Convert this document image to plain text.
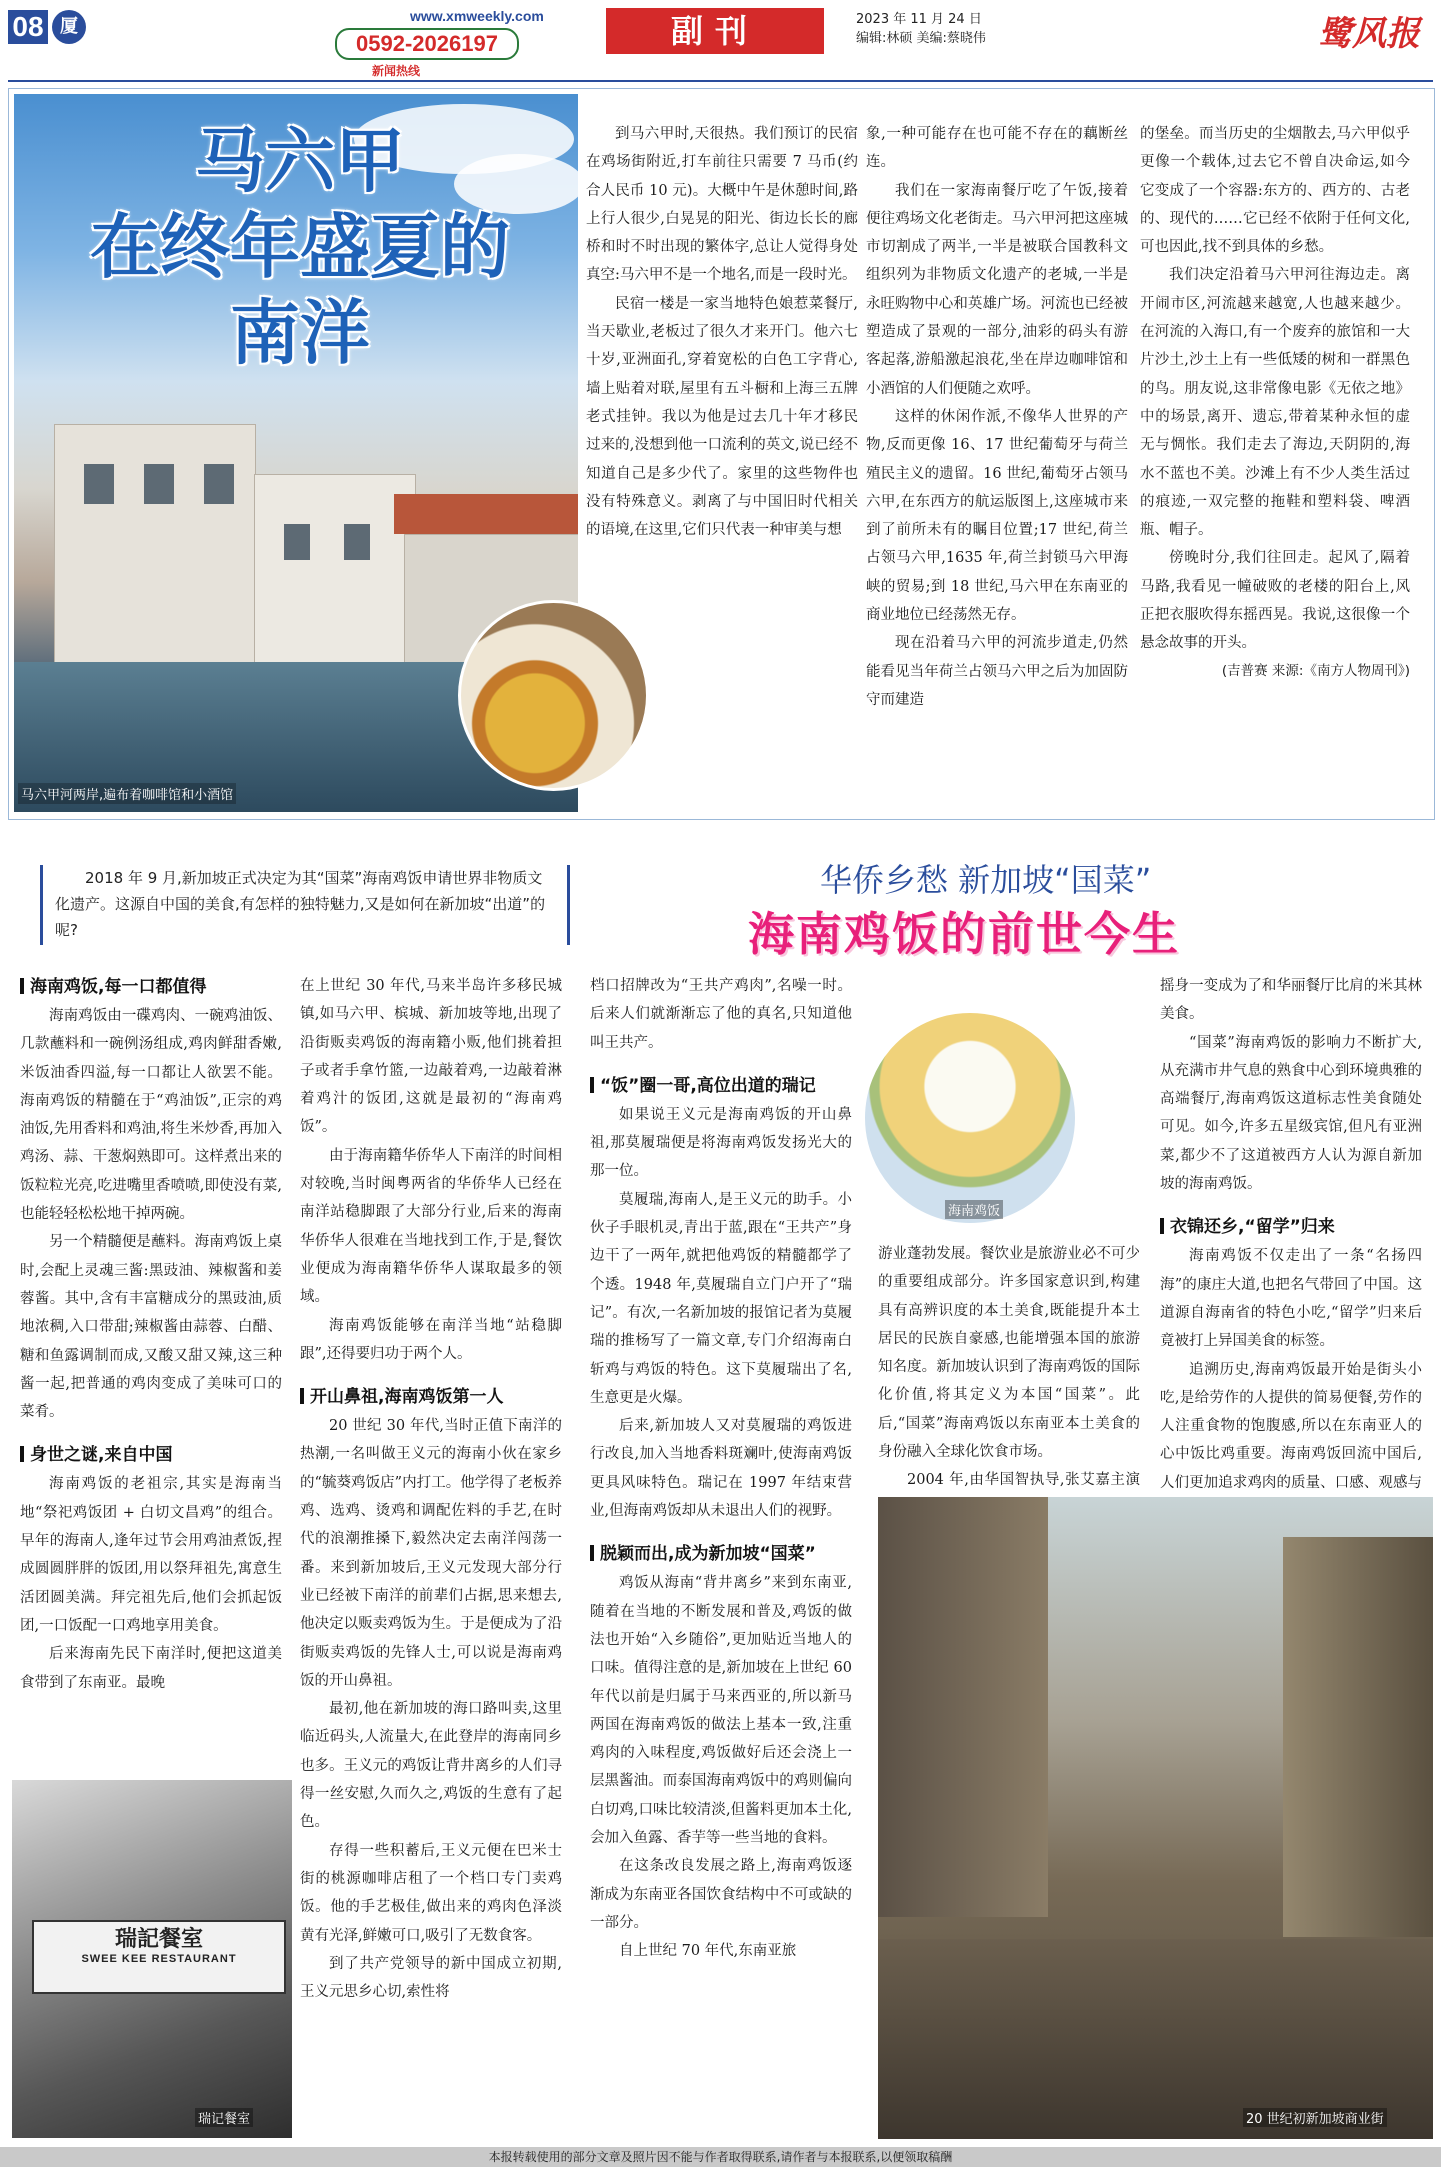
08 厦	www.xmweekly.com
0592-2026197
新闻热线
副刊	2023 年 11 月 24 日
编辑:林硕 美编:蔡晓伟	鹭风报
马六甲
在终年盛夏的
南洋
马六甲河两岸,遍布着咖啡馆和小酒馆

到马六甲时,天很热。我们预订的民宿在鸡场街附近,打车前往只需要 7 马币(约合人民币 10 元)。大概中午是休憩时间,路上行人很少,白晃晃的阳光、街边长长的廊桥和时不时出现的繁体字,总让人觉得身处真空:马六甲不是一个地名,而是一段时光。

民宿一楼是一家当地特色娘惹菜餐厅,当天歇业,老板过了很久才来开门。他六七十岁,亚洲面孔,穿着宽松的白色工字背心,墙上贴着对联,屋里有五斗橱和上海三五牌老式挂钟。我以为他是过去几十年才移民过来的,没想到他一口流利的英文,说已经不知道自己是多少代了。家里的这些物件也没有特殊意义。剥离了与中国旧时代相关的语境,在这里,它们只代表一种审美与想

象,一种可能存在也可能不存在的藕断丝连。

我们在一家海南餐厅吃了午饭,接着便往鸡场文化老街走。马六甲河把这座城市切割成了两半,一半是被联合国教科文组织列为非物质文化遗产的老城,一半是永旺购物中心和英雄广场。河流也已经被塑造成了景观的一部分,油彩的码头有游客起落,游船激起浪花,坐在岸边咖啡馆和小酒馆的人们便随之欢呼。

这样的休闲作派,不像华人世界的产物,反而更像 16、17 世纪葡萄牙与荷兰殖民主义的遗留。16 世纪,葡萄牙占领马六甲,在东西方的航运版图上,这座城市来到了前所未有的瞩目位置;17 世纪,荷兰占领马六甲,1635 年,荷兰封锁马六甲海峡的贸易;到 18 世纪,马六甲在东南亚的商业地位已经荡然无存。

现在沿着马六甲的河流步道走,仍然能看见当年荷兰占领马六甲之后为加固防守而建造

的堡垒。而当历史的尘烟散去,马六甲似乎更像一个载体,过去它不曾自决命运,如今它变成了一个容器:东方的、西方的、古老的、现代的……它已经不依附于任何文化,可也因此,找不到具体的乡愁。

我们决定沿着马六甲河往海边走。离开闹市区,河流越来越宽,人也越来越少。在河流的入海口,有一个废弃的旅馆和一大片沙土,沙土上有一些低矮的树和一群黑色的鸟。朋友说,这非常像电影《无依之地》中的场景,离开、遗忘,带着某种永恒的虚无与惆怅。我们走去了海边,天阴阴的,海水不蓝也不美。沙滩上有不少人类生活过的痕迹,一双完整的拖鞋和塑料袋、啤酒瓶、帽子。

傍晚时分,我们往回走。起风了,隔着马路,我看见一幢破败的老楼的阳台上,风正把衣服吹得东摇西晃。我说,这很像一个悬念故事的开头。

(吉普赛 来源:《南方人物周刊》)
2018 年 9 月,新加坡正式决定为其“国菜”海南鸡饭申请世界非物质文化遗产。这源自中国的美食,有怎样的独特魅力,又是如何在新加坡“出道”的呢?
华侨乡愁 新加坡“国菜”
海南鸡饭的前世今生
海南鸡饭,每一口都值得

海南鸡饭由一碟鸡肉、一碗鸡油饭、几款蘸料和一碗例汤组成,鸡肉鲜甜香嫩,米饭油香四溢,每一口都让人欲罢不能。海南鸡饭的精髓在于“鸡油饭”,正宗的鸡油饭,先用香料和鸡油,将生米炒香,再加入鸡汤、蒜、干葱焖熟即可。这样煮出来的饭粒粒光亮,吃进嘴里香喷喷,即使没有菜,也能轻轻松松地干掉两碗。

另一个精髓便是蘸料。海南鸡饭上桌时,会配上灵魂三酱:黑豉油、辣椒酱和姜蓉酱。其中,含有丰富糖成分的黑豉油,质地浓稠,入口带甜;辣椒酱由蒜蓉、白醋、糖和鱼露调制而成,又酸又甜又辣,这三种酱一起,把普通的鸡肉变成了美味可口的菜肴。

身世之谜,来自中国

海南鸡饭的老祖宗,其实是海南当地“祭祀鸡饭团 + 白切文昌鸡”的组合。早年的海南人,逢年过节会用鸡油煮饭,捏成圆圆胖胖的饭团,用以祭拜祖先,寓意生活团圆美满。拜完祖先后,他们会抓起饭团,一口饭配一口鸡地享用美食。

后来海南先民下南洋时,便把这道美食带到了东南亚。最晚

瑞記餐室
SWEE KEE RESTAURANT
瑞记餐室

在上世纪 30 年代,马来半岛许多移民城镇,如马六甲、槟城、新加坡等地,出现了沿街贩卖鸡饭的海南籍小贩,他们挑着担子或者手拿竹篮,一边敲着鸡,一边敲着淋着鸡汁的饭团,这就是最初的“海南鸡饭”。

由于海南籍华侨华人下南洋的时间相对较晚,当时闽粤两省的华侨华人已经在南洋站稳脚跟了大部分行业,后来的海南华侨华人很难在当地找到工作,于是,餐饮业便成为海南籍华侨华人谋取最多的领域。

海南鸡饭能够在南洋当地“站稳脚跟”,还得要归功于两个人。

开山鼻祖,海南鸡饭第一人

20 世纪 30 年代,当时正值下南洋的热潮,一名叫做王义元的海南小伙在家乡的“毓葵鸡饭店”内打工。他学得了老板养鸡、选鸡、烫鸡和调配佐料的手艺,在时代的浪潮推搡下,毅然决定去南洋闯荡一番。来到新加坡后,王义元发现大部分行业已经被下南洋的前辈们占据,思来想去,他决定以贩卖鸡饭为生。于是便成为了沿街贩卖鸡饭的先锋人士,可以说是海南鸡饭的开山鼻祖。

最初,他在新加坡的海口路叫卖,这里临近码头,人流量大,在此登岸的海南同乡也多。王义元的鸡饭让背井离乡的人们寻得一丝安慰,久而久之,鸡饭的生意有了起色。

存得一些积蓄后,王义元便在巴米士街的桃源咖啡店租了一个档口专门卖鸡饭。他的手艺极佳,做出来的鸡肉色泽淡黄有光泽,鲜嫩可口,吸引了无数食客。

到了共产党领导的新中国成立初期,王义元思乡心切,索性将

档口招牌改为“王共产鸡肉”,名噪一时。后来人们就渐渐忘了他的真名,只知道他叫王共产。

“饭”圈一哥,高位出道的瑞记

如果说王义元是海南鸡饭的开山鼻祖,那莫履瑞便是将海南鸡饭发扬光大的那一位。

莫履瑞,海南人,是王义元的助手。小伙子手眼机灵,青出于蓝,跟在“王共产”身边干了一两年,就把他鸡饭的精髓都学了个透。1948 年,莫履瑞自立门户开了“瑞记”。有次,一名新加坡的报馆记者为莫履瑞的推杨写了一篇文章,专门介绍海南白斩鸡与鸡饭的特色。这下莫履瑞出了名,生意更是火爆。

后来,新加坡人又对莫履瑞的鸡饭进行改良,加入当地香料斑斓叶,使海南鸡饭更具风味特色。瑞记在 1997 年结束营业,但海南鸡饭却从未退出人们的视野。

脱颖而出,成为新加坡“国菜”

鸡饭从海南“背井离乡”来到东南亚,随着在当地的不断发展和普及,鸡饭的做法也开始“入乡随俗”,更加贴近当地人的口味。值得注意的是,新加坡在上世纪 60 年代以前是归属于马来西亚的,所以新马两国在海南鸡饭的做法上基本一致,注重鸡肉的入味程度,鸡饭做好后还会浇上一层黑酱油。而泰国海南鸡饭中的鸡则偏向白切鸡,口味比较清淡,但酱料更加本土化,会加入鱼露、香芋等一些当地的食料。

在这条改良发展之路上,海南鸡饭逐渐成为东南亚各国饮食结构中不可或缺的一部分。

自上世纪 70 年代,东南亚旅

海南鸡饭

游业蓬勃发展。餐饮业是旅游业必不可少的重要组成部分。许多国家意识到,构建具有高辨识度的本土美食,既能提升本土居民的民族自豪感,也能增强本国的旅游知名度。新加坡认识到了海南鸡饭的国际化价值,将其定义为本国“国菜”。此后,“国菜”海南鸡饭以东南亚本土美食的身份融入全球化饮食市场。

2004 年,由华国智执导,张艾嘉主演

摇身一变成为了和华丽餐厅比肩的米其林美食。

“国菜”海南鸡饭的影响力不断扩大,从充满市井气息的熟食中心到环境典雅的高端餐厅,海南鸡饭这道标志性美食随处可见。如今,许多五星级宾馆,但凡有亚洲菜,都少不了这道被西方人认为源自新加坡的海南鸡饭。

衣锦还乡,“留学”归来

海南鸡饭不仅走出了一条“名扬四海”的康庄大道,也把名气带回了中国。这道源自海南省的特色小吃,“留学”归来后竟被打上异国美食的标签。

追溯历史,海南鸡饭最开始是街头小吃,是给劳作的人提供的简易便餐,劳作的人注重食物的饱腹感,所以在东南亚人的心中饭比鸡重要。海南鸡饭回流中国后,人们更加追求鸡肉的质量、口感、观感与

20 世纪初新加坡商业街
本报转载使用的部分文章及照片因不能与作者取得联系,请作者与本报联系,以便领取稿酬
